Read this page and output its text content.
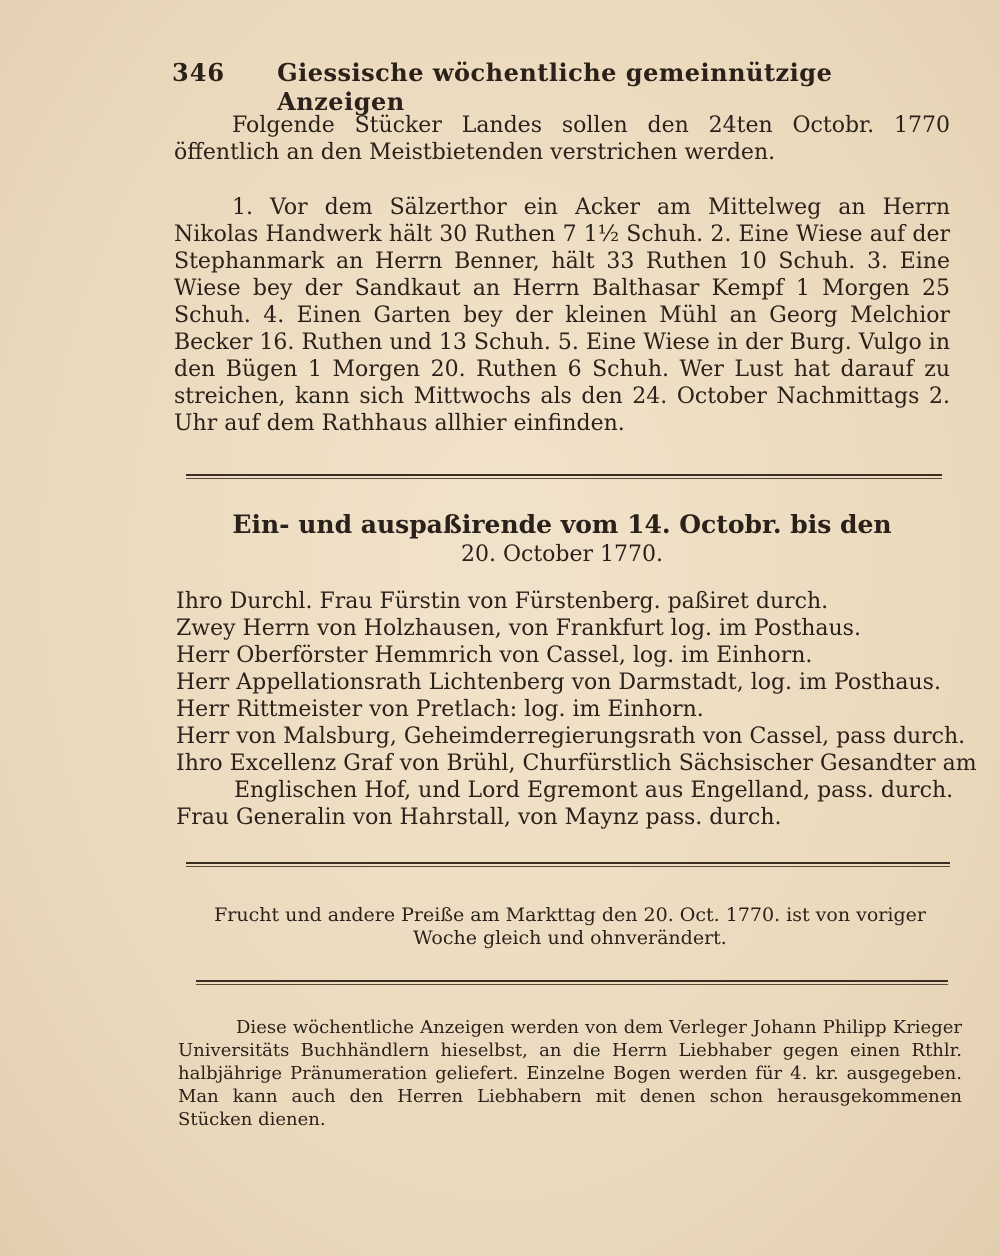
346 Giessische wöchentliche gemeinnützige Anzeigen

Folgende Stücker Landes sollen den 24ten Octobr. 1770 öffentlich an den Meistbietenden verstrichen werden.

1. Vor dem Sälzerthor ein Acker am Mittelweg an Herrn Nikolas Handwerk hält 30 Ruthen 7 1½ Schuh. 2. Eine Wiese auf der Stephanmark an Herrn Benner, hält 33 Ruthen 10 Schuh. 3. Eine Wiese bey der Sandkaut an Herrn Balthasar Kempf 1 Morgen 25 Schuh. 4. Einen Garten bey der kleinen Mühl an Georg Melchior Becker 16. Ruthen und 13 Schuh. 5. Eine Wiese in der Burg. Vulgo in den Bügen 1 Morgen 20. Ruthen 6 Schuh. Wer Lust hat darauf zu streichen, kann sich Mittwochs als den 24. October Nachmittags 2. Uhr auf dem Rathhaus allhier einfinden.

Ein- und auspaßirende vom 14. Octobr. bis den
20. October 1770.
Ihro Durchl. Frau Fürstin von Fürstenberg. paßiret durch.
Zwey Herrn von Holzhausen, von Frankfurt log. im Posthaus.
Herr Oberförster Hemmrich von Cassel, log. im Einhorn.
Herr Appellationsrath Lichtenberg von Darmstadt, log. im Posthaus.
Herr Rittmeister von Pretlach: log. im Einhorn.
Herr von Malsburg, Geheimderregierungsrath von Cassel, pass durch.
Ihro Excellenz Graf von Brühl, Churfürstlich Sächsischer Gesandter am
Englischen Hof, und Lord Egremont aus Engelland, pass. durch.
Frau Generalin von Hahrstall, von Maynz pass. durch.
Frucht und andere Preiße am Markttag den 20. Oct. 1770. ist von voriger Woche gleich und ohnverändert.

Diese wöchentliche Anzeigen werden von dem Verleger Johann Philipp Krieger Universitäts Buchhändlern hieselbst, an die Herrn Liebhaber gegen einen Rthlr. halbjährige Pränumeration geliefert. Einzelne Bogen werden für 4. kr. ausgegeben. Man kann auch den Herren Liebhabern mit denen schon herausgekommenen Stücken dienen.
